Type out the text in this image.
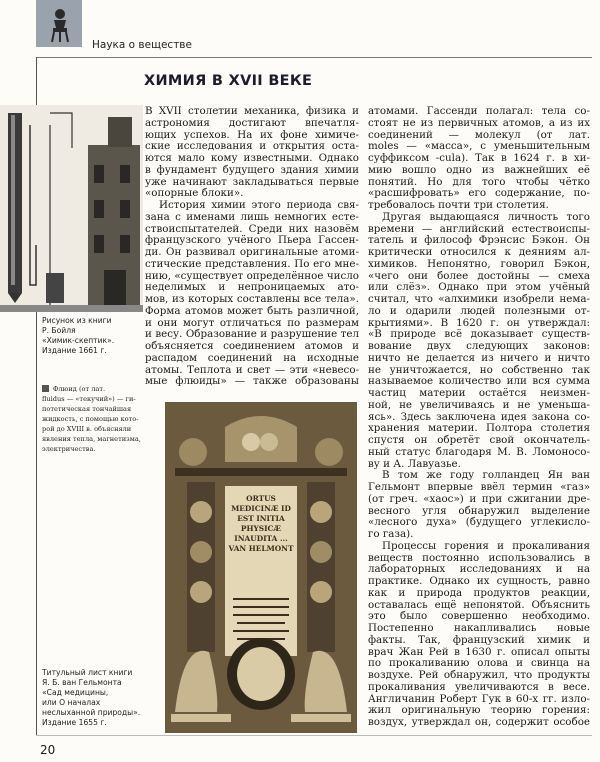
Наука о веществе
ХИМИЯ В XVII ВЕКЕ
Рисунок из книги
Р. Бойля
«Химик-скептик».
Издание 1661 г.
Флюид (от лат.
fluidus — «текучий») — ги-
потетическая тончайшая
жидкость, с помощью кото-
рой до XVIII в. объясняли
явления тепла, магнетизма,
электричества.
В XVII столетии механика, физика и
астрономия достигают впечатля-
ющих успехов. На их фоне химиче-
ские исследования и открытия оста-
ются мало кому известными. Однако
в фундамент будущего здания химии
уже начинают закладываться первые
«опорные блоки».
История химии этого периода свя-
зана с именами лишь немногих есте-
ствоиспытателей. Среди них назовём
французского учёного Пьера Гассен-
ди. Он развивал оригинальные атоми-
стические представления. По его мне-
нию, «существует определённое число
неделимых и непроницаемых ато-
мов, из которых составлены все тела».
Форма атомов может быть различной,
и они могут отличаться по размерам
и весу. Образование и разрушение тел
объясняется соединением атомов и
распадом соединений на исходные
атомы. Теплота и свет — эти «невесо-
мые флюиды» — также образованы
атомами. Гассенди полагал: тела со-
стоят не из первичных атомов, а из их
соединений — молекул (от лат.
moles — «масса», с уменьшительным
суффиксом -cula). Так в 1624 г. в хи-
мию вошло одно из важнейших её
понятий. Но для того чтобы чётко
«расшифровать» его содержание, по-
требовалось почти три столетия.
Другая выдающаяся личность того
времени — английский естествоиспы-
татель и философ Фрэнсис Бэкон. Он
критически относился к деяниям ал-
химиков. Непонятно, говорил Бэкон,
«чего они более достойны — смеха
или слёз». Однако при этом учёный
считал, что «алхимики изобрели нема-
ло и одарили людей полезными от-
крытиями». В 1620 г. он утверждал:
«В природе всё доказывает существ-
вование двух следующих законов:
ничто не делается из ничего и ничто
не уничтожается, но собственно так
называемое количество или вся сумма
частиц материи остаётся неизмен-
ной, не увеличиваясь и не уменьша-
ясь». Здесь заключена идея закона со-
хранения материи. Полтора столетия
спустя он обретёт свой окончатель-
ный статус благодаря М. В. Ломоносо-
ву и А. Лавуазье.
В том же году голландец Ян ван
Гельмонт впервые ввёл термин «газ»
(от греч. «хаос») и при сжигании дре-
весного угля обнаружил выделение
«лесного духа» (будущего углекисло-
го газа).
Процессы горения и прокаливания
веществ постоянно использовались в
лабораторных исследованиях и на
практике. Однако их сущность, равно
как и природа продуктов реакции,
оставалась ещё непонятой. Объяснить
это было совершенно необходимо.
Постепенно накапливались новые
факты. Так, французский химик и
врач Жан Рей в 1630 г. описал опыты
по прокаливанию олова и свинца на
воздухе. Рей обнаружил, что продукты
прокаливания увеличиваются в весе.
Англичанин Роберт Гук в 60-х гг. изло-
жил оригинальную теорию горения:
воздух, утверждал он, содержит особое
ORTUS MEDICINÆ ID EST INITIA PHYSICÆ INAUDITA ... VAN HELMONT
Титульный лист книги
Я. Б. ван Гельмонта
«Сад медицины,
или О началах
неслыханной природы».
Издание 1655 г.
20
